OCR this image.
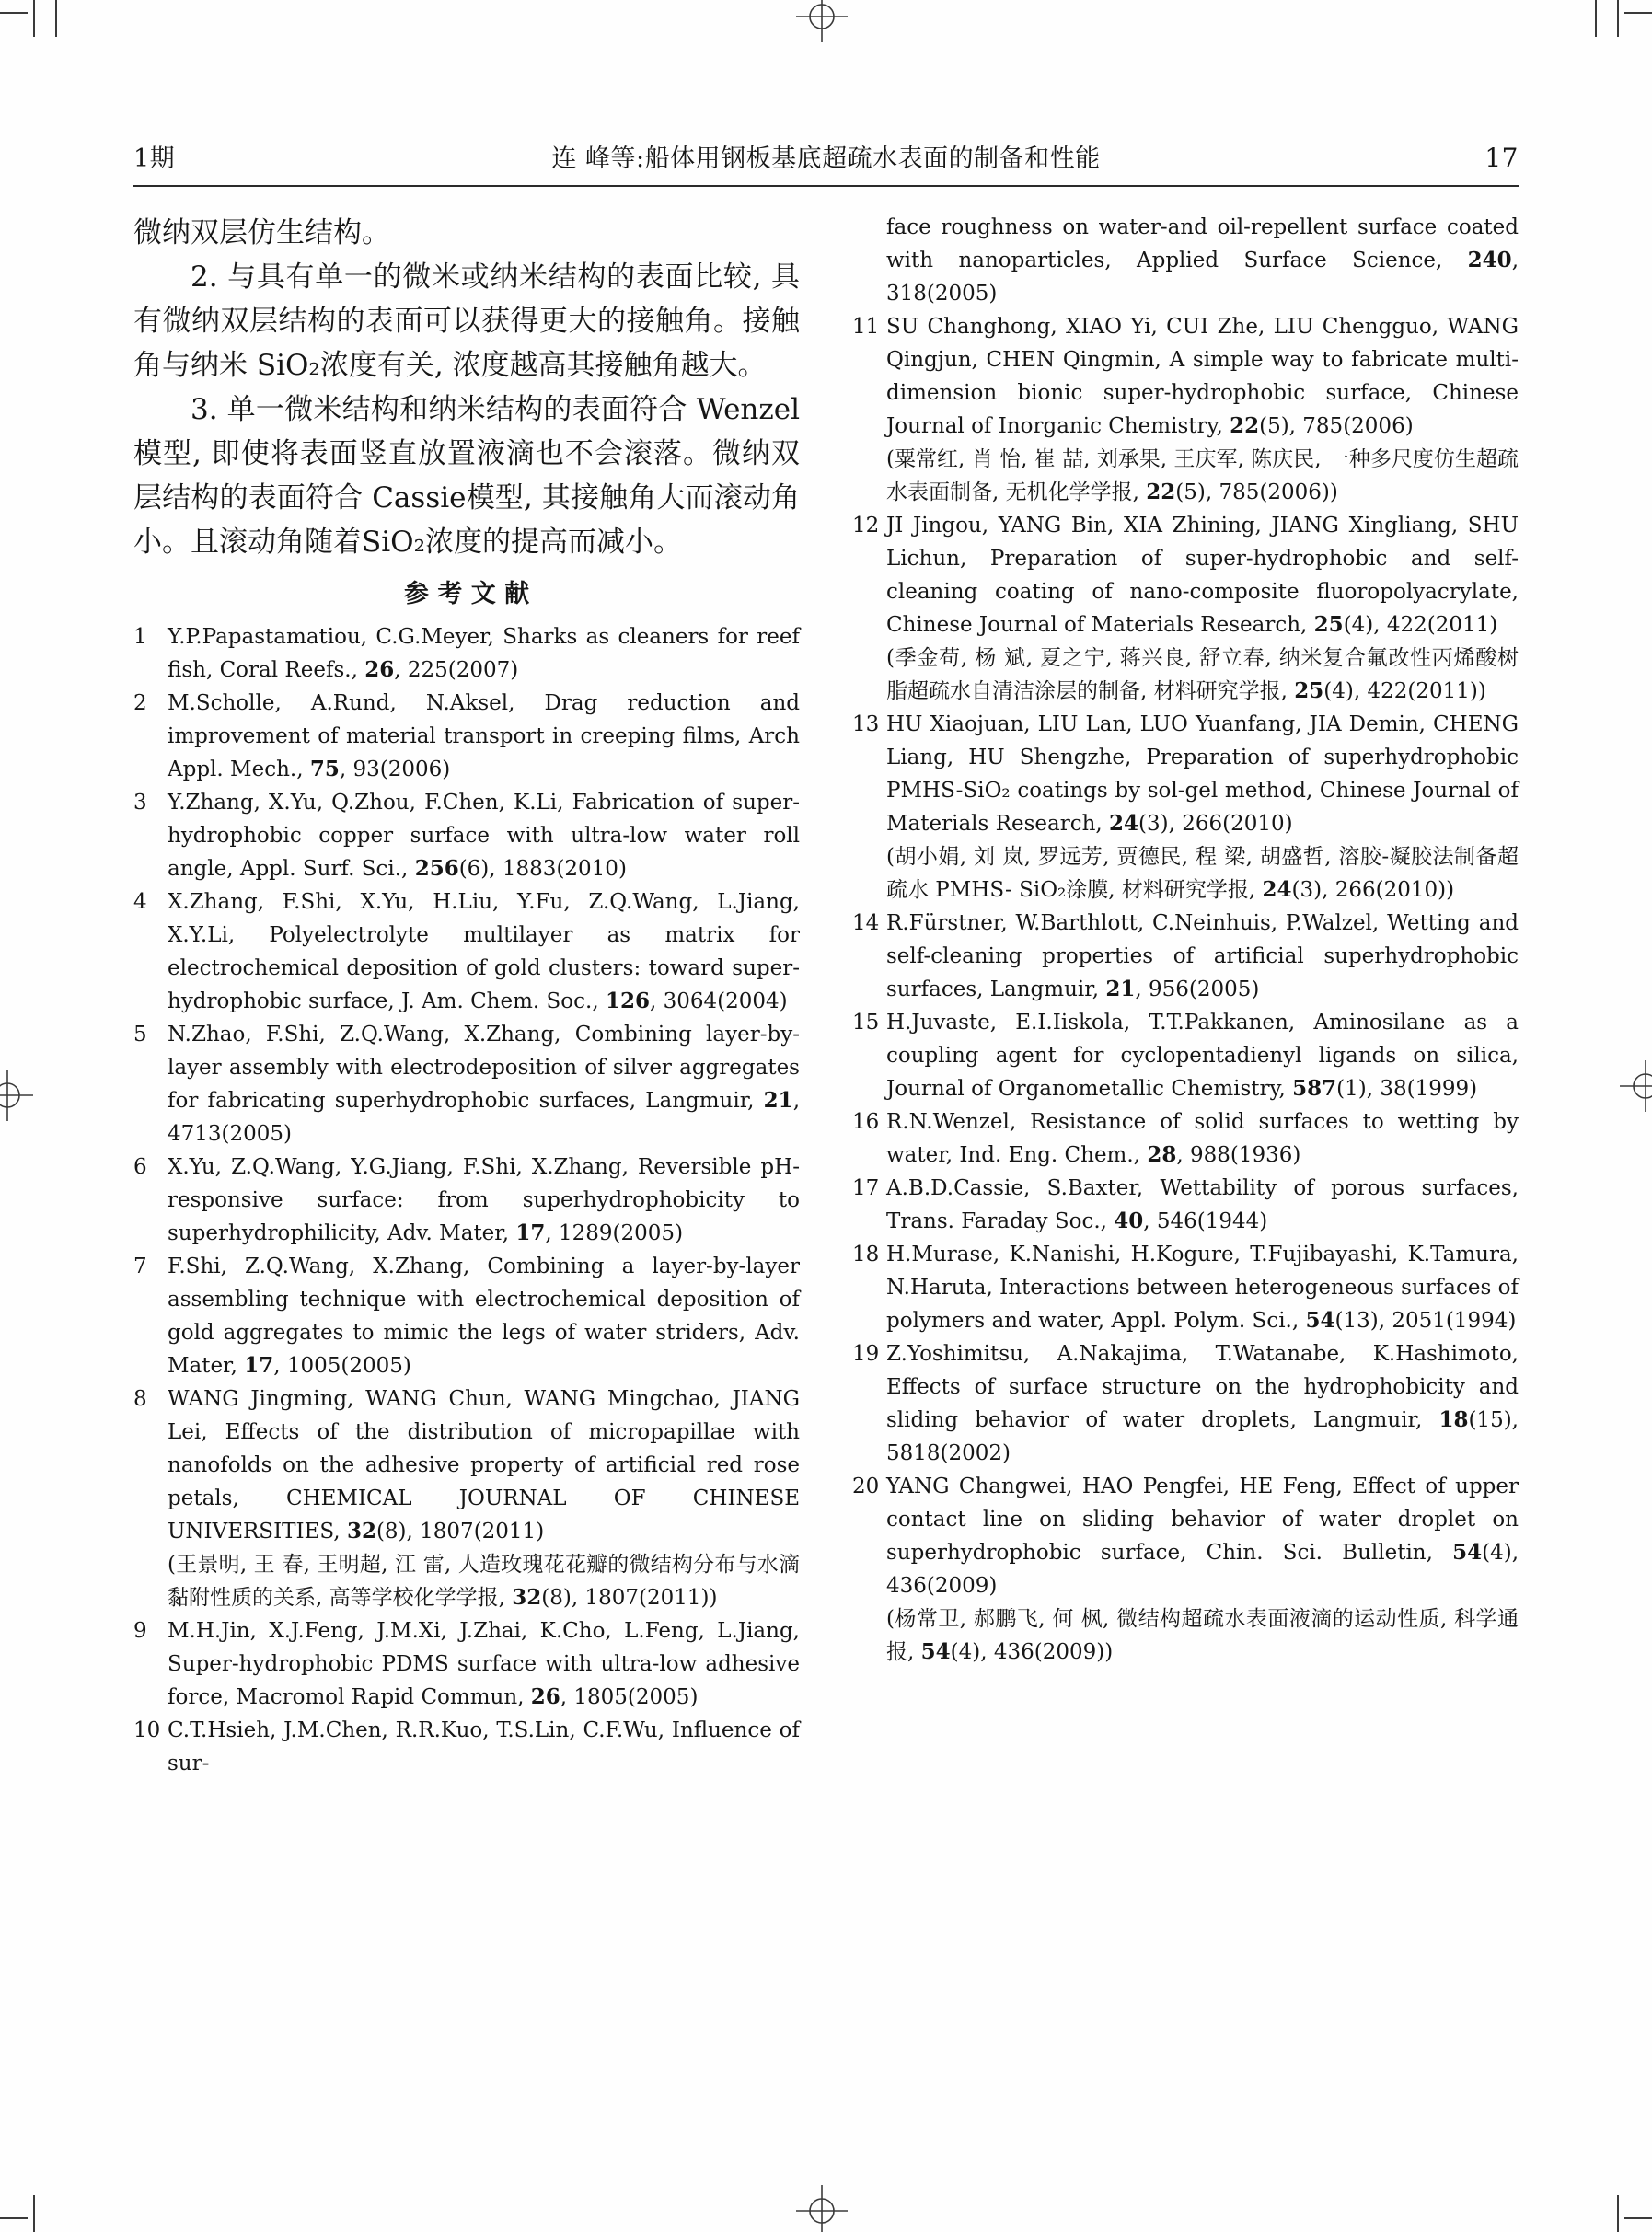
1期	连 峰等:船体用钢板基底超疏水表面的制备和性能	17
微纳双层仿生结构。
2. 与具有单一的微米或纳米结构的表面比较, 具有微纳双层结构的表面可以获得更大的接触角。接触角与纳米 SiO₂浓度有关, 浓度越高其接触角越大。
3. 单一微米结构和纳米结构的表面符合 Wenzel模型, 即使将表面竖直放置液滴也不会滚落。微纳双层结构的表面符合 Cassie模型, 其接触角大而滚动角小。且滚动角随着SiO₂浓度的提高而减小。
参 考 文 献
1 Y.P.Papastamatiou, C.G.Meyer, Sharks as cleaners for reef fish, Coral Reefs., 26, 225(2007)
2 M.Scholle, A.Rund, N.Aksel, Drag reduction and improvement of material transport in creeping films, Arch Appl. Mech., 75, 93(2006)
3 Y.Zhang, X.Yu, Q.Zhou, F.Chen, K.Li, Fabrication of super-hydrophobic copper surface with ultra-low water roll angle, Appl. Surf. Sci., 256(6), 1883(2010)
4 X.Zhang, F.Shi, X.Yu, H.Liu, Y.Fu, Z.Q.Wang, L.Jiang, X.Y.Li, Polyelectrolyte multilayer as matrix for electrochemical deposition of gold clusters: toward super-hydrophobic surface, J. Am. Chem. Soc., 126, 3064(2004)
5 N.Zhao, F.Shi, Z.Q.Wang, X.Zhang, Combining layer-by-layer assembly with electrodeposition of silver aggregates for fabricating superhydrophobic surfaces, Langmuir, 21, 4713(2005)
6 X.Yu, Z.Q.Wang, Y.G.Jiang, F.Shi, X.Zhang, Reversible pH-responsive surface: from superhydrophobicity to superhydrophilicity, Adv. Mater, 17, 1289(2005)
7 F.Shi, Z.Q.Wang, X.Zhang, Combining a layer-by-layer assembling technique with electrochemical deposition of gold aggregates to mimic the legs of water striders, Adv. Mater, 17, 1005(2005)
8 WANG Jingming, WANG Chun, WANG Mingchao, JIANG Lei, Effects of the distribution of micropapillae with nanofolds on the adhesive property of artificial red rose petals, CHEMICAL JOURNAL OF CHINESE UNIVERSITIES, 32(8), 1807(2011)
(王景明, 王 春, 王明超, 江 雷, 人造玫瑰花花瓣的微结构分布与水滴黏附性质的关系, 高等学校化学学报, 32(8), 1807(2011))
9 M.H.Jin, X.J.Feng, J.M.Xi, J.Zhai, K.Cho, L.Feng, L.Jiang, Super-hydrophobic PDMS surface with ultra-low adhesive force, Macromol Rapid Commun, 26, 1805(2005)
10 C.T.Hsieh, J.M.Chen, R.R.Kuo, T.S.Lin, C.F.Wu, Influence of sur-
face roughness on water-and oil-repellent surface coated with nanoparticles, Applied Surface Science, 240, 318(2005)
11 SU Changhong, XIAO Yi, CUI Zhe, LIU Chengguo, WANG Qingjun, CHEN Qingmin, A simple way to fabricate multi-dimension bionic super-hydrophobic surface, Chinese Journal of Inorganic Chemistry, 22(5), 785(2006)
(粟常红, 肖 怡, 崔 喆, 刘承果, 王庆军, 陈庆民, 一种多尺度仿生超疏水表面制备, 无机化学学报, 22(5), 785(2006))
12 JI Jingou, YANG Bin, XIA Zhining, JIANG Xingliang, SHU Lichun, Preparation of super-hydrophobic and self-cleaning coating of nano-composite fluoropolyacrylate, Chinese Journal of Materials Research, 25(4), 422(2011)
(季金苟, 杨 斌, 夏之宁, 蒋兴良, 舒立春, 纳米复合氟改性丙烯酸树脂超疏水自清洁涂层的制备, 材料研究学报, 25(4), 422(2011))
13 HU Xiaojuan, LIU Lan, LUO Yuanfang, JIA Demin, CHENG Liang, HU Shengzhe, Preparation of superhydrophobic PMHS-SiO₂ coatings by sol-gel method, Chinese Journal of Materials Research, 24(3), 266(2010)
(胡小娟, 刘 岚, 罗远芳, 贾德民, 程 梁, 胡盛哲, 溶胶-凝胶法制备超疏水 PMHS- SiO₂涂膜, 材料研究学报, 24(3), 266(2010))
14 R.Fürstner, W.Barthlott, C.Neinhuis, P.Walzel, Wetting and self-cleaning properties of artificial superhydrophobic surfaces, Langmuir, 21, 956(2005)
15 H.Juvaste, E.I.Iiskola, T.T.Pakkanen, Aminosilane as a coupling agent for cyclopentadienyl ligands on silica, Journal of Organometallic Chemistry, 587(1), 38(1999)
16 R.N.Wenzel, Resistance of solid surfaces to wetting by water, Ind. Eng. Chem., 28, 988(1936)
17 A.B.D.Cassie, S.Baxter, Wettability of porous surfaces, Trans. Faraday Soc., 40, 546(1944)
18 H.Murase, K.Nanishi, H.Kogure, T.Fujibayashi, K.Tamura, N.Haruta, Interactions between heterogeneous surfaces of polymers and water, Appl. Polym. Sci., 54(13), 2051(1994)
19 Z.Yoshimitsu, A.Nakajima, T.Watanabe, K.Hashimoto, Effects of surface structure on the hydrophobicity and sliding behavior of water droplets, Langmuir, 18(15), 5818(2002)
20 YANG Changwei, HAO Pengfei, HE Feng, Effect of upper contact line on sliding behavior of water droplet on superhydrophobic surface, Chin. Sci. Bulletin, 54(4), 436(2009)
(杨常卫, 郝鹏飞, 何 枫, 微结构超疏水表面液滴的运动性质, 科学通报, 54(4), 436(2009))
